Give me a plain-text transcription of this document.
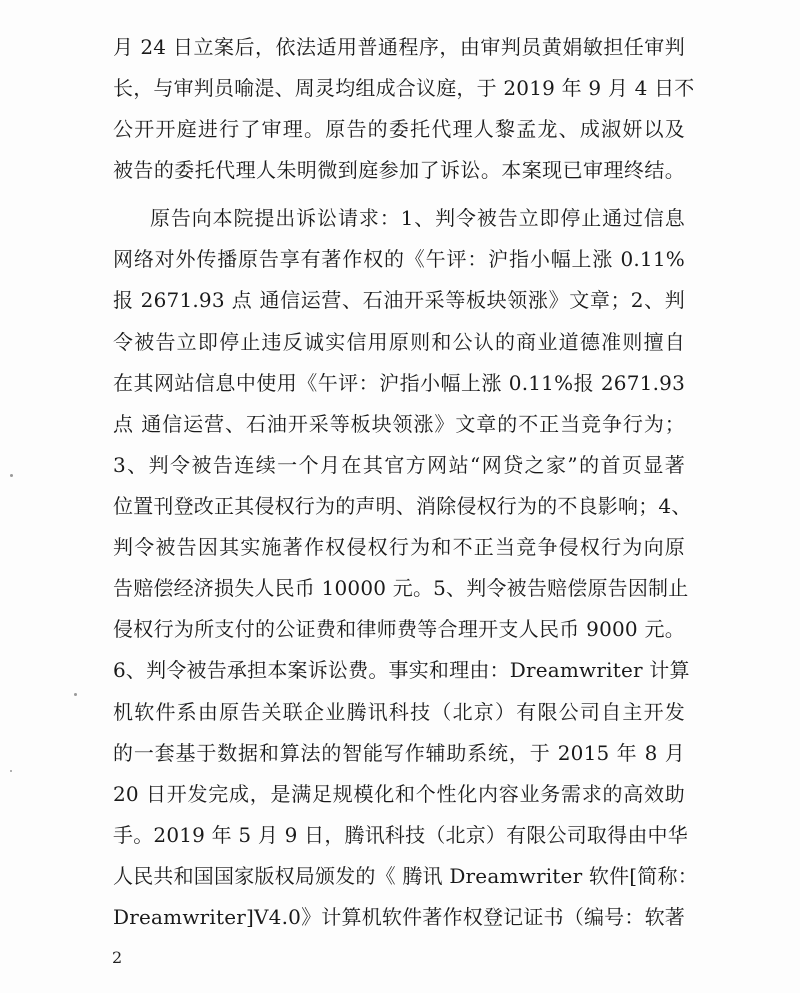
月 24 日立案后，依法适用普通程序，由审判员黄娟敏担任审判
长，与审判员喻湜、周灵均组成合议庭，于 2019 年 9 月 4 日不
公开开庭进行了审理。原告的委托代理人黎孟龙、成淑妍以及
被告的委托代理人朱明微到庭参加了诉讼。本案现已审理终结。
原告向本院提出诉讼请求：1、判令被告立即停止通过信息
网络对外传播原告享有著作权的《午评：沪指小幅上涨 0.11%
报 2671.93 点 通信运营、石油开采等板块领涨》文章；2、判
令被告立即停止违反诚实信用原则和公认的商业道德准则擅自
在其网站信息中使用《午评：沪指小幅上涨 0.11%报 2671.93
点 通信运营、石油开采等板块领涨》文章的不正当竞争行为；
3、判令被告连续一个月在其官方网站“网贷之家”的首页显著
位置刊登改正其侵权行为的声明、消除侵权行为的不良影响；4、
判令被告因其实施著作权侵权行为和不正当竞争侵权行为向原
告赔偿经济损失人民币 10000 元。5、判令被告赔偿原告因制止
侵权行为所支付的公证费和律师费等合理开支人民币 9000 元。
6、判令被告承担本案诉讼费。事实和理由：Dreamwriter 计算
机软件系由原告关联企业腾讯科技（北京）有限公司自主开发
的一套基于数据和算法的智能写作辅助系统，于 2015 年 8 月
20 日开发完成，是满足规模化和个性化内容业务需求的高效助
手。2019 年 5 月 9 日，腾讯科技（北京）有限公司取得由中华
人民共和国国家版权局颁发的《 腾讯 Dreamwriter 软件[简称：
Dreamwriter]V4.0》计算机软件著作权登记证书（编号：软著
2
